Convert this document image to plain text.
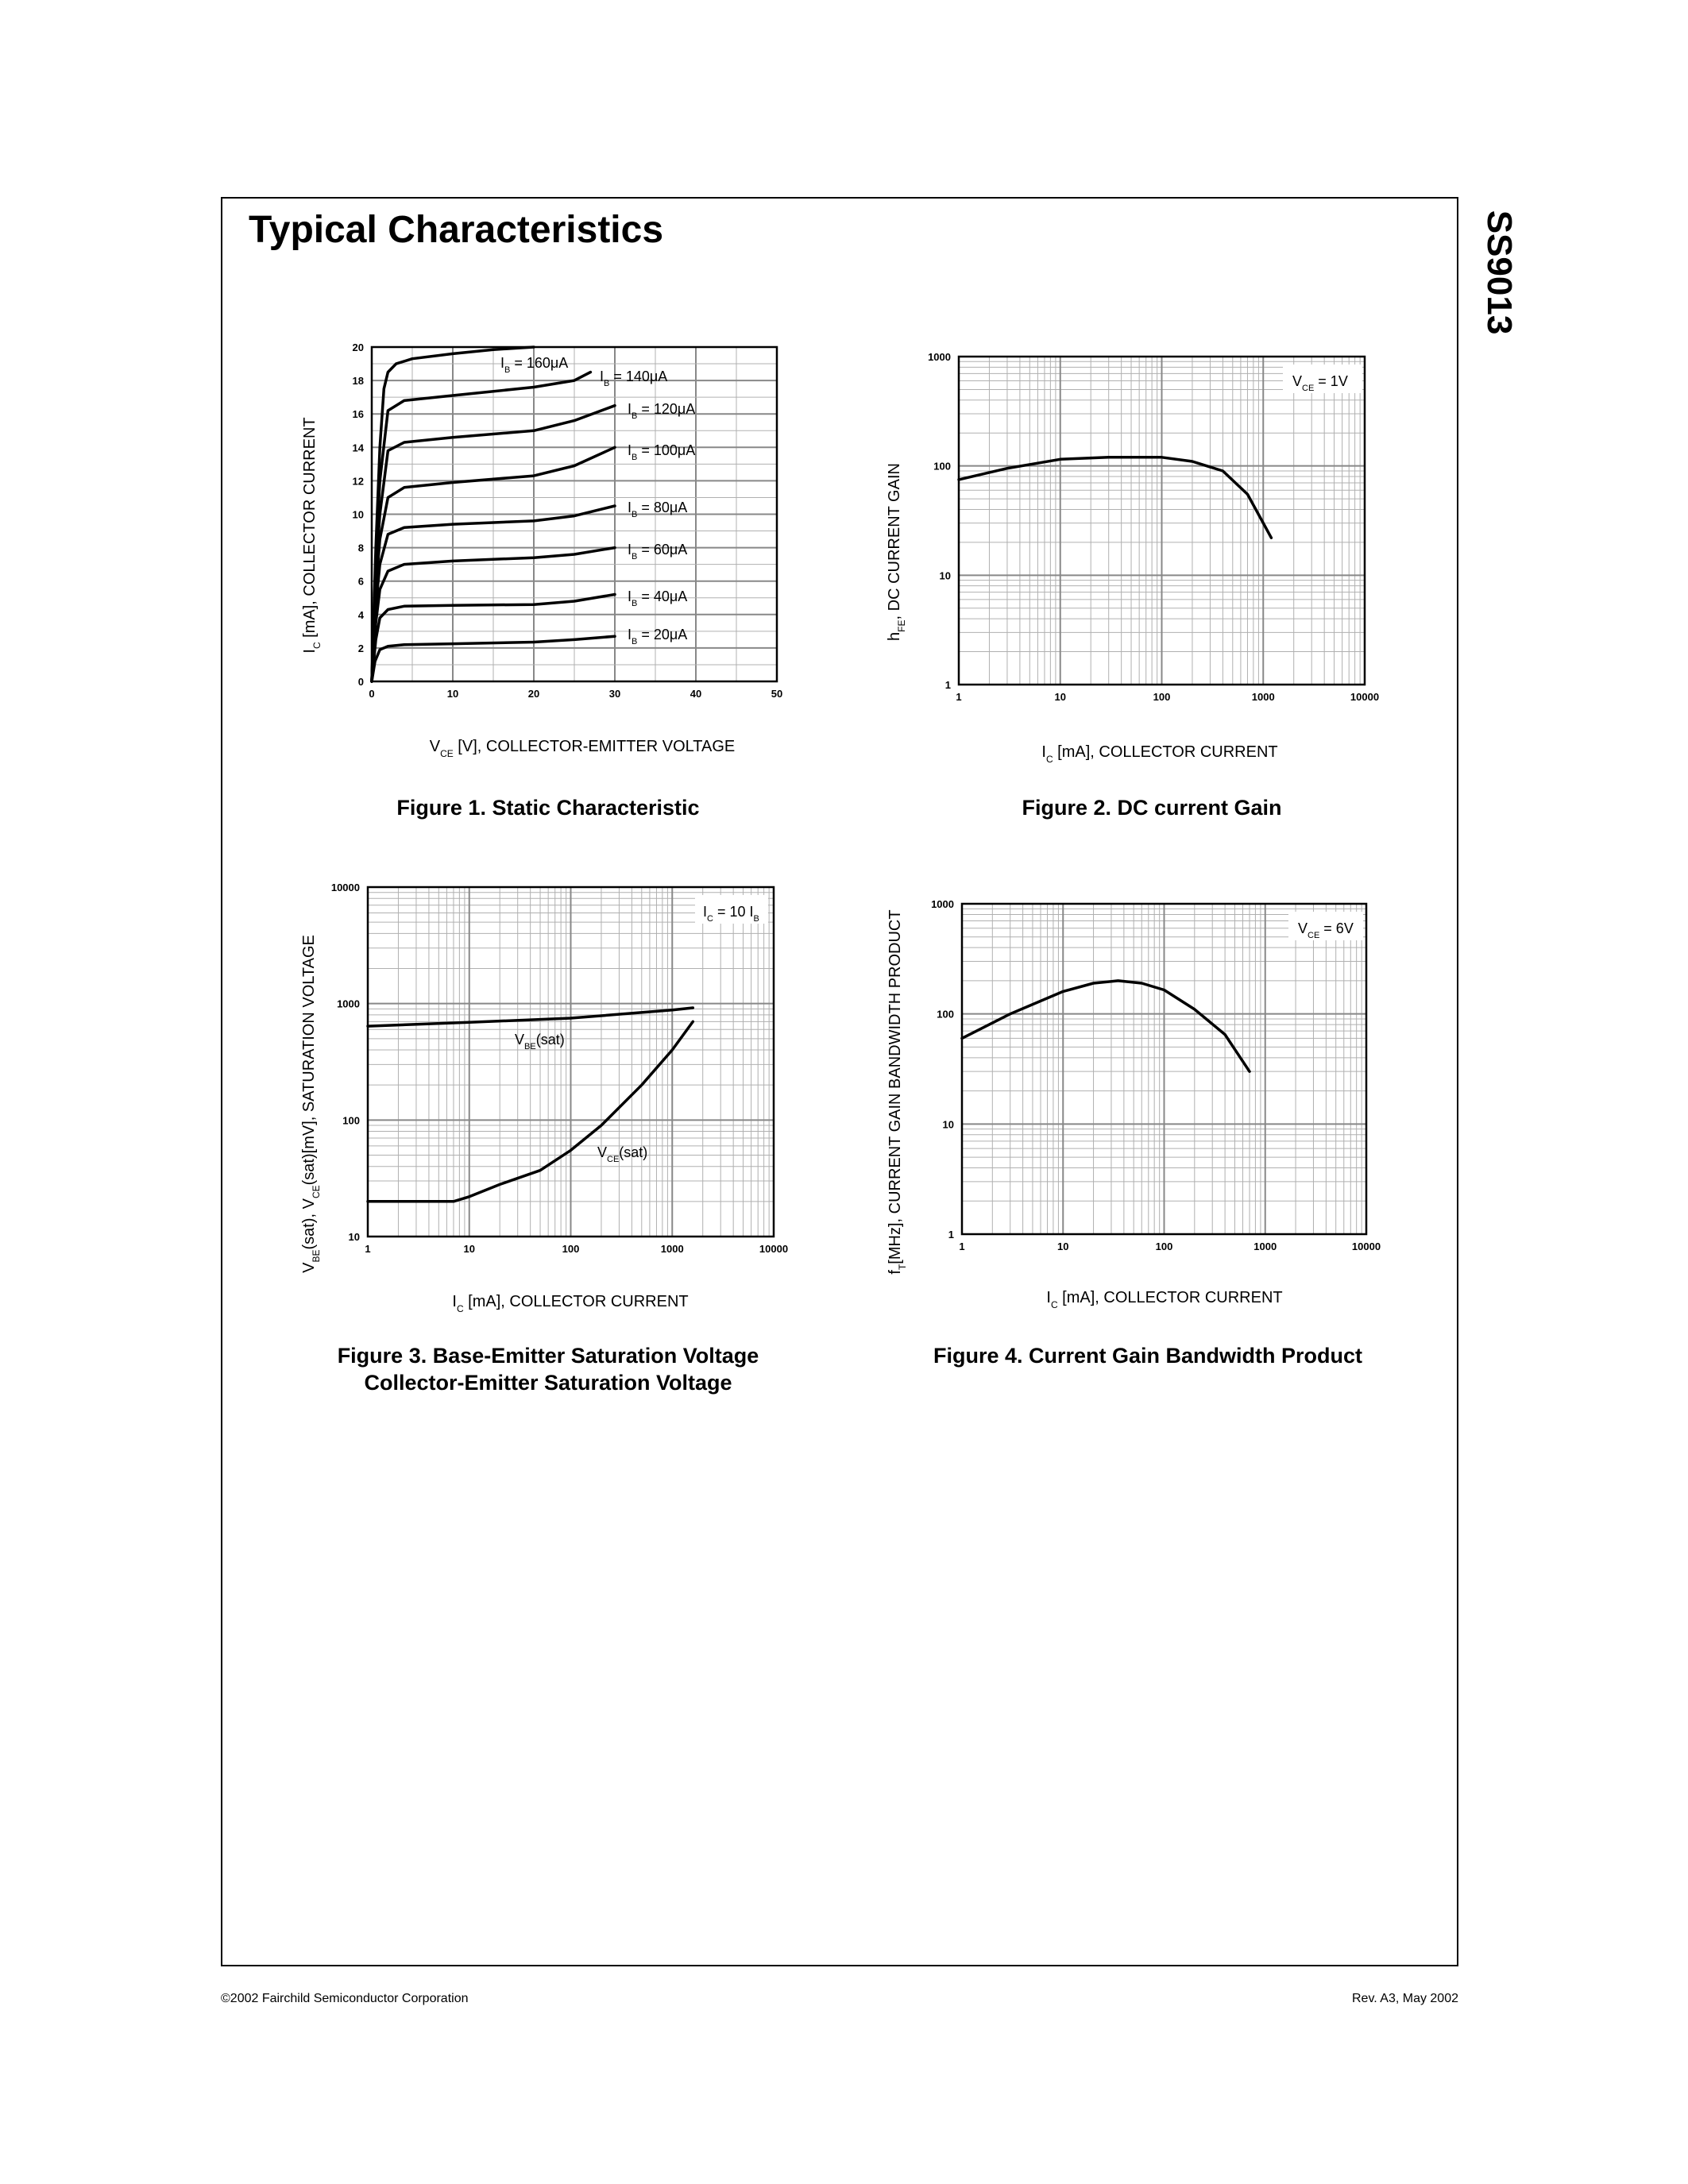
Typical Characteristics	SS9013
0	10	20	30	40	50
0
2
4
6
8
10
12
14
16
18
20
$I_B = 20\mu A$
$I_B = 40\mu A$
$I_B = 60\mu A$
$I_B = 80\mu A$
$I_B = 100\mu A$
$I_B = 120\mu A$
$I_B = 140\mu A$
$I_B = 160\mu A$
$I_C$ [mA], COLLECTOR CURRENT
$V_{CE}$ [V], COLLECTOR-EMITTER VOLTAGE
Figure 1. Static Characteristic
1	10	100	1000	10000
1
10
100
1000
$V_{CE} = 1V$
$h_{FE}$, DC CURRENT GAIN
$I_C$ [mA], COLLECTOR CURRENT
Figure 2. DC current Gain
1	10	100	1000	10000
10
100
1000
10000
$I_C = 10$ $I_B$
$V_{BE}(sat)$
$V_{CE}(sat)$
$V_{BE}(sat)$, $V_{CE}(sat)[mV]$, SATURATION VOLTAGE
$I_C$ [mA], COLLECTOR CURRENT
Figure 3. Base-Emitter Saturation Voltage
Collector-Emitter Saturation Voltage
1	10	100	1000	10000
1
10
100
1000
$V_{CE} = 6V$
$f_T[MHz]$, CURRENT GAIN BANDWIDTH PRODUCT
$I_C$ [mA], COLLECTOR CURRENT
Figure 4. Current Gain Bandwidth Product
©2002 Fairchild Semiconductor Corporation	Rev. A3, May 2002
